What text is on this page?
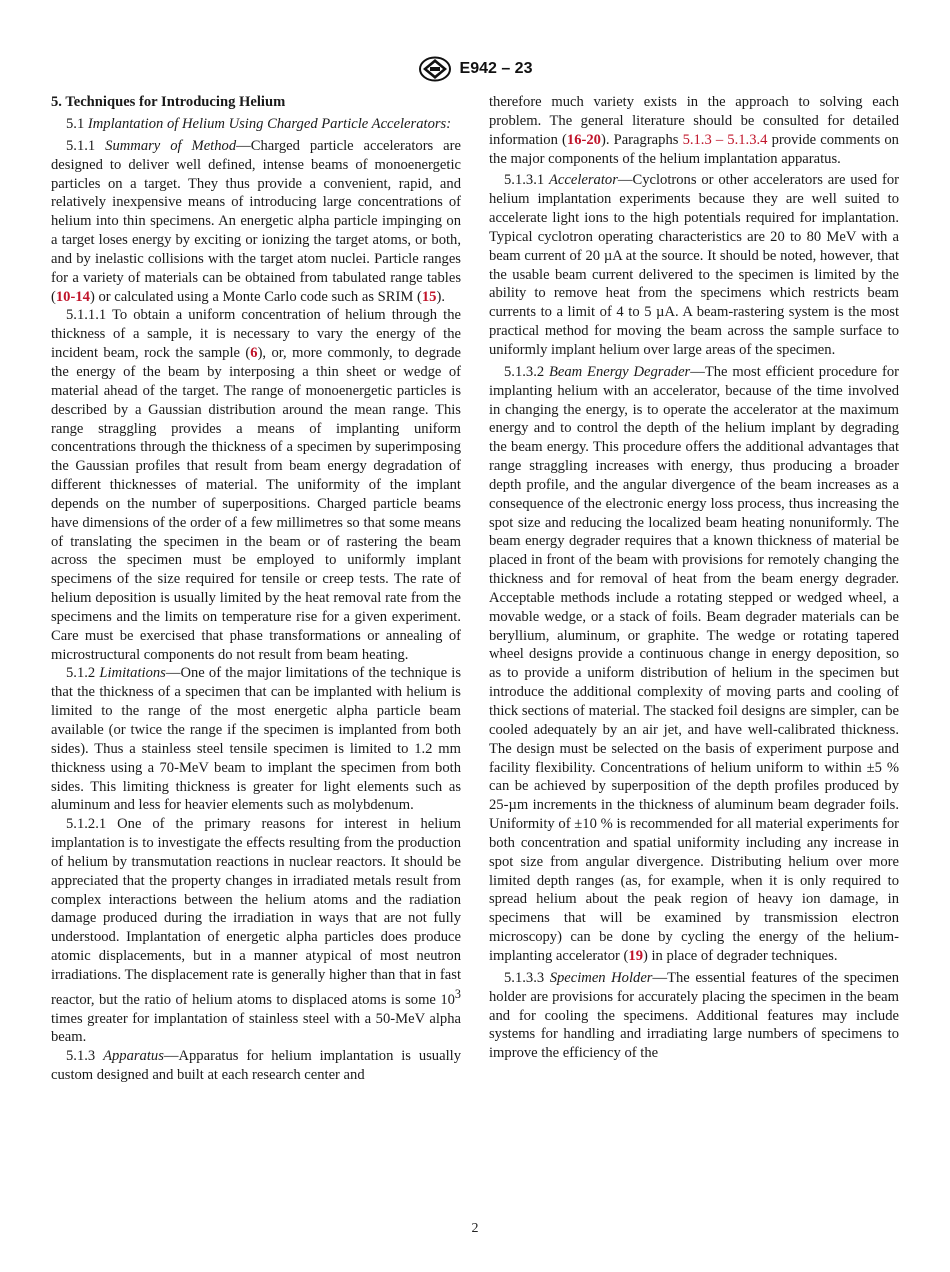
E942 – 23
5. Techniques for Introducing Helium

5.1 Implantation of Helium Using Charged Particle Accelerators:

5.1.1 Summary of Method—Charged particle accelerators are designed to deliver well defined, intense beams of monoenergetic particles on a target. They thus provide a convenient, rapid, and relatively inexpensive means of introducing large concentrations of helium into thin specimens. An energetic alpha particle impinging on a target loses energy by exciting or ionizing the target atoms, or both, and by inelastic collisions with the target atom nuclei. Particle ranges for a variety of materials can be obtained from tabulated range tables (10-14) or calculated using a Monte Carlo code such as SRIM (15).

5.1.1.1 To obtain a uniform concentration of helium through the thickness of a sample, it is necessary to vary the energy of the incident beam, rock the sample (6), or, more commonly, to degrade the energy of the beam by interposing a thin sheet or wedge of material ahead of the target. The range of monoenergetic particles is described by a Gaussian distribution around the mean range. This range straggling provides a means of implanting uniform concentrations through the thickness of a specimen by superimposing the Gaussian profiles that result from beam energy degradation of different thicknesses of material. The uniformity of the implant depends on the number of superpositions. Charged particle beams have dimensions of the order of a few millimetres so that some means of translating the specimen in the beam or of rastering the beam across the specimen must be employed to uniformly implant specimens of the size required for tensile or creep tests. The rate of helium deposition is usually limited by the heat removal rate from the specimens and the limits on temperature rise for a given experiment. Care must be exercised that phase transformations or annealing of microstructural components do not result from beam heating.

5.1.2 Limitations—One of the major limitations of the technique is that the thickness of a specimen that can be implanted with helium is limited to the range of the most energetic alpha particle beam available (or twice the range if the specimen is implanted from both sides). Thus a stainless steel tensile specimen is limited to 1.2 mm thickness using a 70-MeV beam to implant the specimen from both sides. This limiting thickness is greater for light elements such as aluminum and less for heavier elements such as molybdenum.

5.1.2.1 One of the primary reasons for interest in helium implantation is to investigate the effects resulting from the production of helium by transmutation reactions in nuclear reactors. It should be appreciated that the property changes in irradiated metals result from complex interactions between the helium atoms and the radiation damage produced during the irradiation in ways that are not fully understood. Implantation of energetic alpha particles does produce atomic displacements, but in a manner atypical of most neutron irradiations. The displacement rate is generally higher than that in fast reactor, but the ratio of helium atoms to displaced atoms is some $10^3$ times greater for implantation of stainless steel with a 50-MeV alpha beam.

5.1.3 Apparatus—Apparatus for helium implantation is usually custom designed and built at each research center and

therefore much variety exists in the approach to solving each problem. The general literature should be consulted for detailed information (16-20). Paragraphs 5.1.3 – 5.1.3.4 provide comments on the major components of the helium implantation apparatus.

5.1.3.1 Accelerator—Cyclotrons or other accelerators are used for helium implantation experiments because they are well suited to accelerate light ions to the high potentials required for implantation. Typical cyclotron operating characteristics are 20 to 80 MeV with a beam current of 20 µA at the source. It should be noted, however, that the usable beam current delivered to the specimen is limited by the ability to remove heat from the specimens which restricts beam currents to a limit of 4 to 5 µA. A beam-rastering system is the most practical method for moving the beam across the sample surface to uniformly implant helium over large areas of the specimen.

5.1.3.2 Beam Energy Degrader—The most efficient procedure for implanting helium with an accelerator, because of the time involved in changing the energy, is to operate the accelerator at the maximum energy and to control the depth of the helium implant by degrading the beam energy. This procedure offers the additional advantages that range straggling increases with energy, thus producing a broader depth profile, and the angular divergence of the beam increases as a consequence of the electronic energy loss process, thus increasing the spot size and reducing the localized beam heating nonuniformly. The beam energy degrader requires that a known thickness of material be placed in front of the beam with provisions for remotely changing the thickness and for removal of heat from the beam energy degrader. Acceptable methods include a rotating stepped or wedged wheel, a movable wedge, or a stack of foils. Beam degrader materials can be beryllium, aluminum, or graphite. The wedge or rotating tapered wheel designs provide a continuous change in energy deposition, so as to provide a uniform distribution of helium in the specimen but introduce the additional complexity of moving parts and cooling of thick sections of material. The stacked foil designs are simpler, can be cooled adequately by an air jet, and have well-calibrated thickness. The design must be selected on the basis of experiment purpose and facility flexibility. Concentrations of helium uniform to within ±5 % can be achieved by superposition of the depth profiles produced by 25-µm increments in the thickness of aluminum beam degrader foils. Uniformity of ±10 % is recommended for all material experiments for both concentration and spatial uniformity including any increase in spot size from angular divergence. Distributing helium over more limited depth ranges (as, for example, when it is only required to spread helium about the peak region of heavy ion damage, in specimens that will be examined by transmission electron microscopy) can be done by cycling the energy of the helium-implanting accelerator (19) in place of degrader techniques.

5.1.3.3 Specimen Holder—The essential features of the specimen holder are provisions for accurately placing the specimen in the beam and for cooling the specimens. Additional features may include systems for handling and irradiating large numbers of specimens to improve the efficiency of the

2
